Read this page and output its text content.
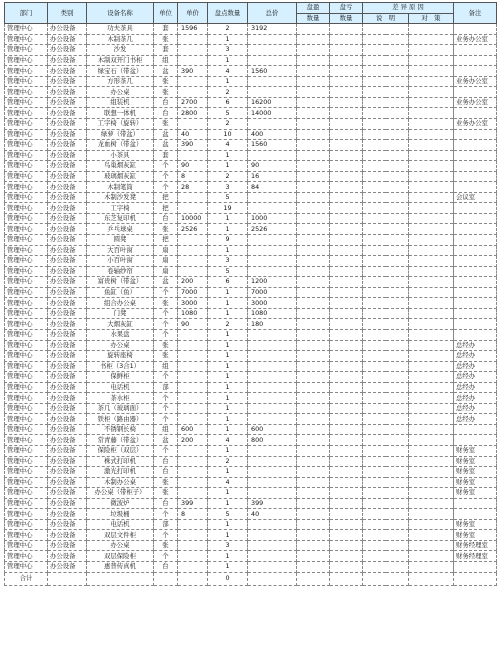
部门	类别	设备名称	单位	单价	盘点数量	总价	盘盈	盘亏	差 异 原 因		备注
							数量	数量	说　明	对　策	
管理中心	办公设备	功夫茶具	套	1596	2	3192					
管理中心	办公设备	木制茶几	张		1						业务办公室
管理中心	办公设备	沙发	套		3						
管理中心	办公设备	木制双开门书柜	组		1						
管理中心	办公设备	绿宝石（带盆）	盆	390	4	1560					
管理中心	办公设备	方形茶几	张		1						业务办公室
管理中心	办公设备	办公桌	张		2						
管理中心	办公设备	组装机	台	2700	6	16200					业务办公室
管理中心	办公设备	联想一体机	台	2800	5	14000					
管理中心	办公设备	工字椅（旋转）	张		2						业务办公室
管理中心	办公设备	绿萝（带盆）	盆	40	10	400					
管理中心	办公设备	龙血树（带盆）	盆	390	4	1560					
管理中心	办公设备	小茶具	套		1						
管理中心	办公设备	鸟巢烟灰缸	个	90	1	90					
管理中心	办公设备	玻璃烟灰缸	个	8	2	16					
管理中心	办公设备	木制笔筒	个	28	3	84					
管理中心	办公设备	木制沙发凳	把		5						会议室
管理中心	办公设备	工字椅	把		19						
管理中心	办公设备	东芝复印机	台	10000	1	1000					
管理中心	办公设备	乒乓球桌	张	2526	1	2526					
管理中心	办公设备	圆凳	把		9						
管理中心	办公设备	大百叶窗	扇		1						
管理中心	办公设备	小百叶窗	扇		3						
管理中心	办公设备	卷轴纱帘	扇		5						
管理中心	办公设备	富贵树（带盆）	盆	200	6	1200					
管理中心	办公设备	鱼缸（鱼）	个	7000	1	7000					
管理中心	办公设备	组合办公桌	张	3000	1	3000					
管理中心	办公设备	门凳	个	1080	1	1080					
管理中心	办公设备	大烟灰缸	个	90	2	180					
管理中心	办公设备	水果盘	个		1						
管理中心	办公设备	办公桌	张		1						总经办
管理中心	办公设备	旋转座椅	张		1						总经办
管理中心	办公设备	书柜（3合1）	组		1						总经办
管理中心	办公设备	保鲜柜	个		1						总经办
管理中心	办公设备	电话机	部		1						总经办
管理中心	办公设备	茶水柜	个		1						总经办
管理中心	办公设备	茶几（玻璃面）	个		1						总经办
管理中心	办公设备	铁柜（路由器）	个		1						总经办
管理中心	办公设备	不锈钢长椅	组	600	1	600					
管理中心	办公设备	常青藤（带盆）	盆	200	4	800					
管理中心	办公设备	保险柜（双层）	个		1						财务室
管理中心	办公设备	株式打印机	台		2						财务室
管理中心	办公设备	激光打印机	台		1						财务室
管理中心	办公设备	木制办公桌	张		4						财务室
管理中心	办公设备	办公桌（带柜子）	张		1						财务室
管理中心	办公设备	微波炉	台	399	1	399					
管理中心	办公设备	垃圾桶	个	8	5	40					
管理中心	办公设备	电话机	部		1						财务室
管理中心	办公设备	双层文件柜	个		1						财务室
管理中心	办公设备	办公桌	张		3						财务经理室
管理中心	办公设备	双层保险柜	个		1						财务经理室
管理中心	办公设备	惠普传真机	台		1						
合计					0						
